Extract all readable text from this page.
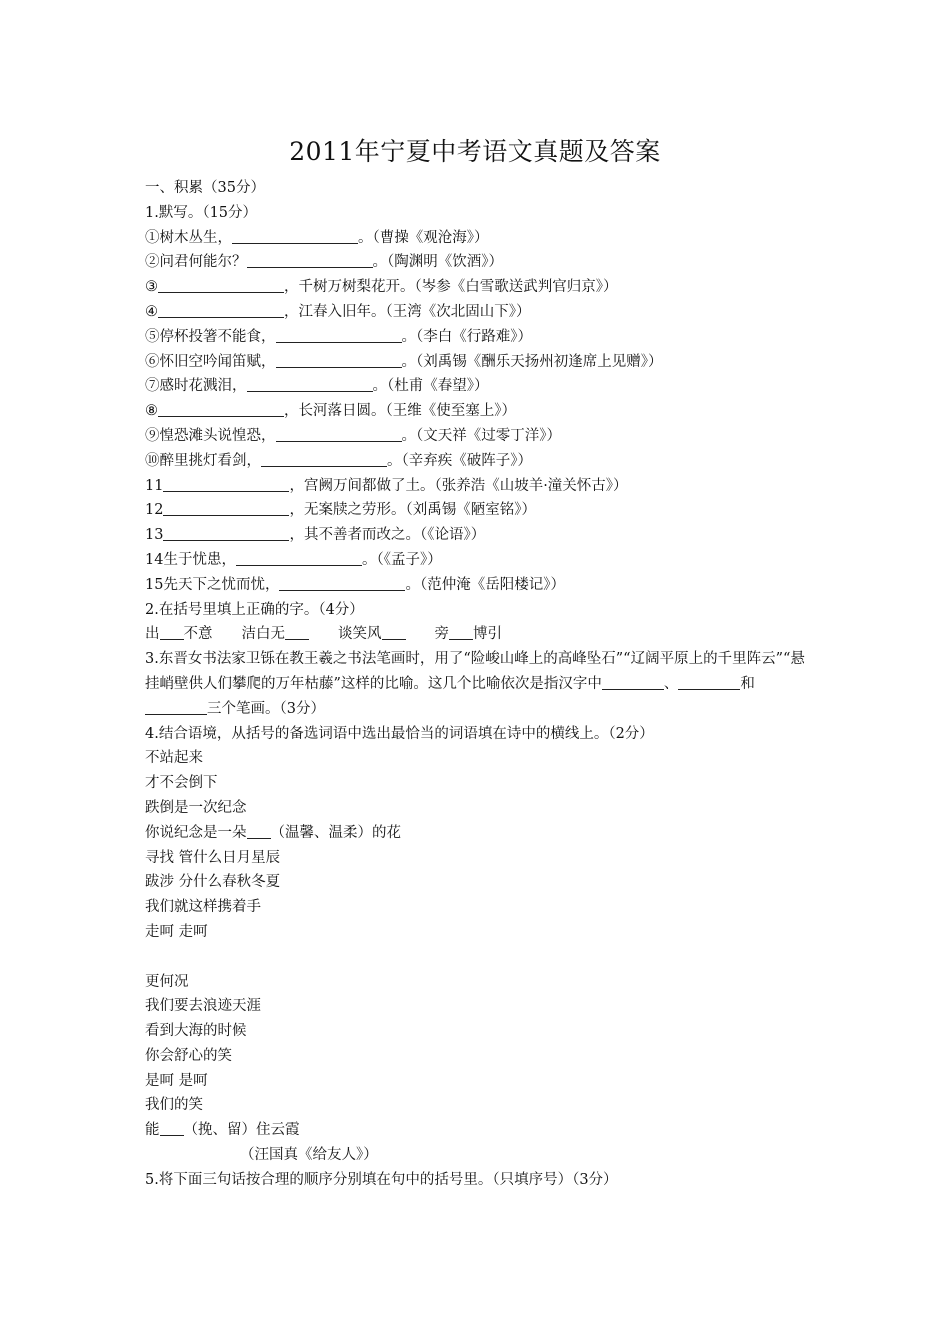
2011年宁夏中考语文真题及答案
一、积累（35分）
1.默写。（15分）
①树木丛生，	。（曹操《观沧海》）
②问君何能尔？	。（陶渊明《饮酒》）
③	，千树万树梨花开。（岑参《白雪歌送武判官归京》）
④	，江春入旧年。（王湾《次北固山下》）
⑤停杯投箸不能食，	。（李白《行路难》）
⑥怀旧空吟闻笛赋，	。（刘禹锡《酬乐天扬州初逢席上见赠》）
⑦感时花溅泪，	。（杜甫《春望》）
⑧	，长河落日圆。（王维《使至塞上》）
⑨惶恐滩头说惶恐，	。（文天祥《过零丁洋》）
⑩醉里挑灯看剑，	。（辛弃疾《破阵子》）
11	，宫阙万间都做了土。（张养浩《山坡羊·潼关怀古》）
12	，无案牍之劳形。（刘禹锡《陋室铭》）
13	，其不善者而改之。（《论语》）
14生于忧患，	。（《孟子》）
15先天下之忧而忧，	。（范仲淹《岳阳楼记》）
2.在括号里填上正确的字。（4分）
出 不意　　洁白无　　谈笑风　　旁 博引
3.东晋女书法家卫铄在教王羲之书法笔画时，用了“险峻山峰上的高峰坠石”“辽阔平原上的千里阵云”“悬挂峭壁供人们攀爬的万年枯藤”这样的比喻。这几个比喻依次是指汉字中	、	和三个笔画。（3分）
4.结合语境，从括号的备选词语中选出最恰当的词语填在诗中的横线上。（2分）
不站起来
才不会倒下
跌倒是一次纪念
你说纪念是一朵 （温馨、温柔）的花
寻找 管什么日月星辰
跋涉 分什么春秋冬夏
我们就这样携着手
走呵 走呵
更何况
我们要去浪迹天涯
看到大海的时候
你会舒心的笑
是呵 是呵
我们的笑
能 （挽、留）住云霞
（汪国真《给友人》）
5.将下面三句话按合理的顺序分别填在句中的括号里。（只填序号）（3分）
